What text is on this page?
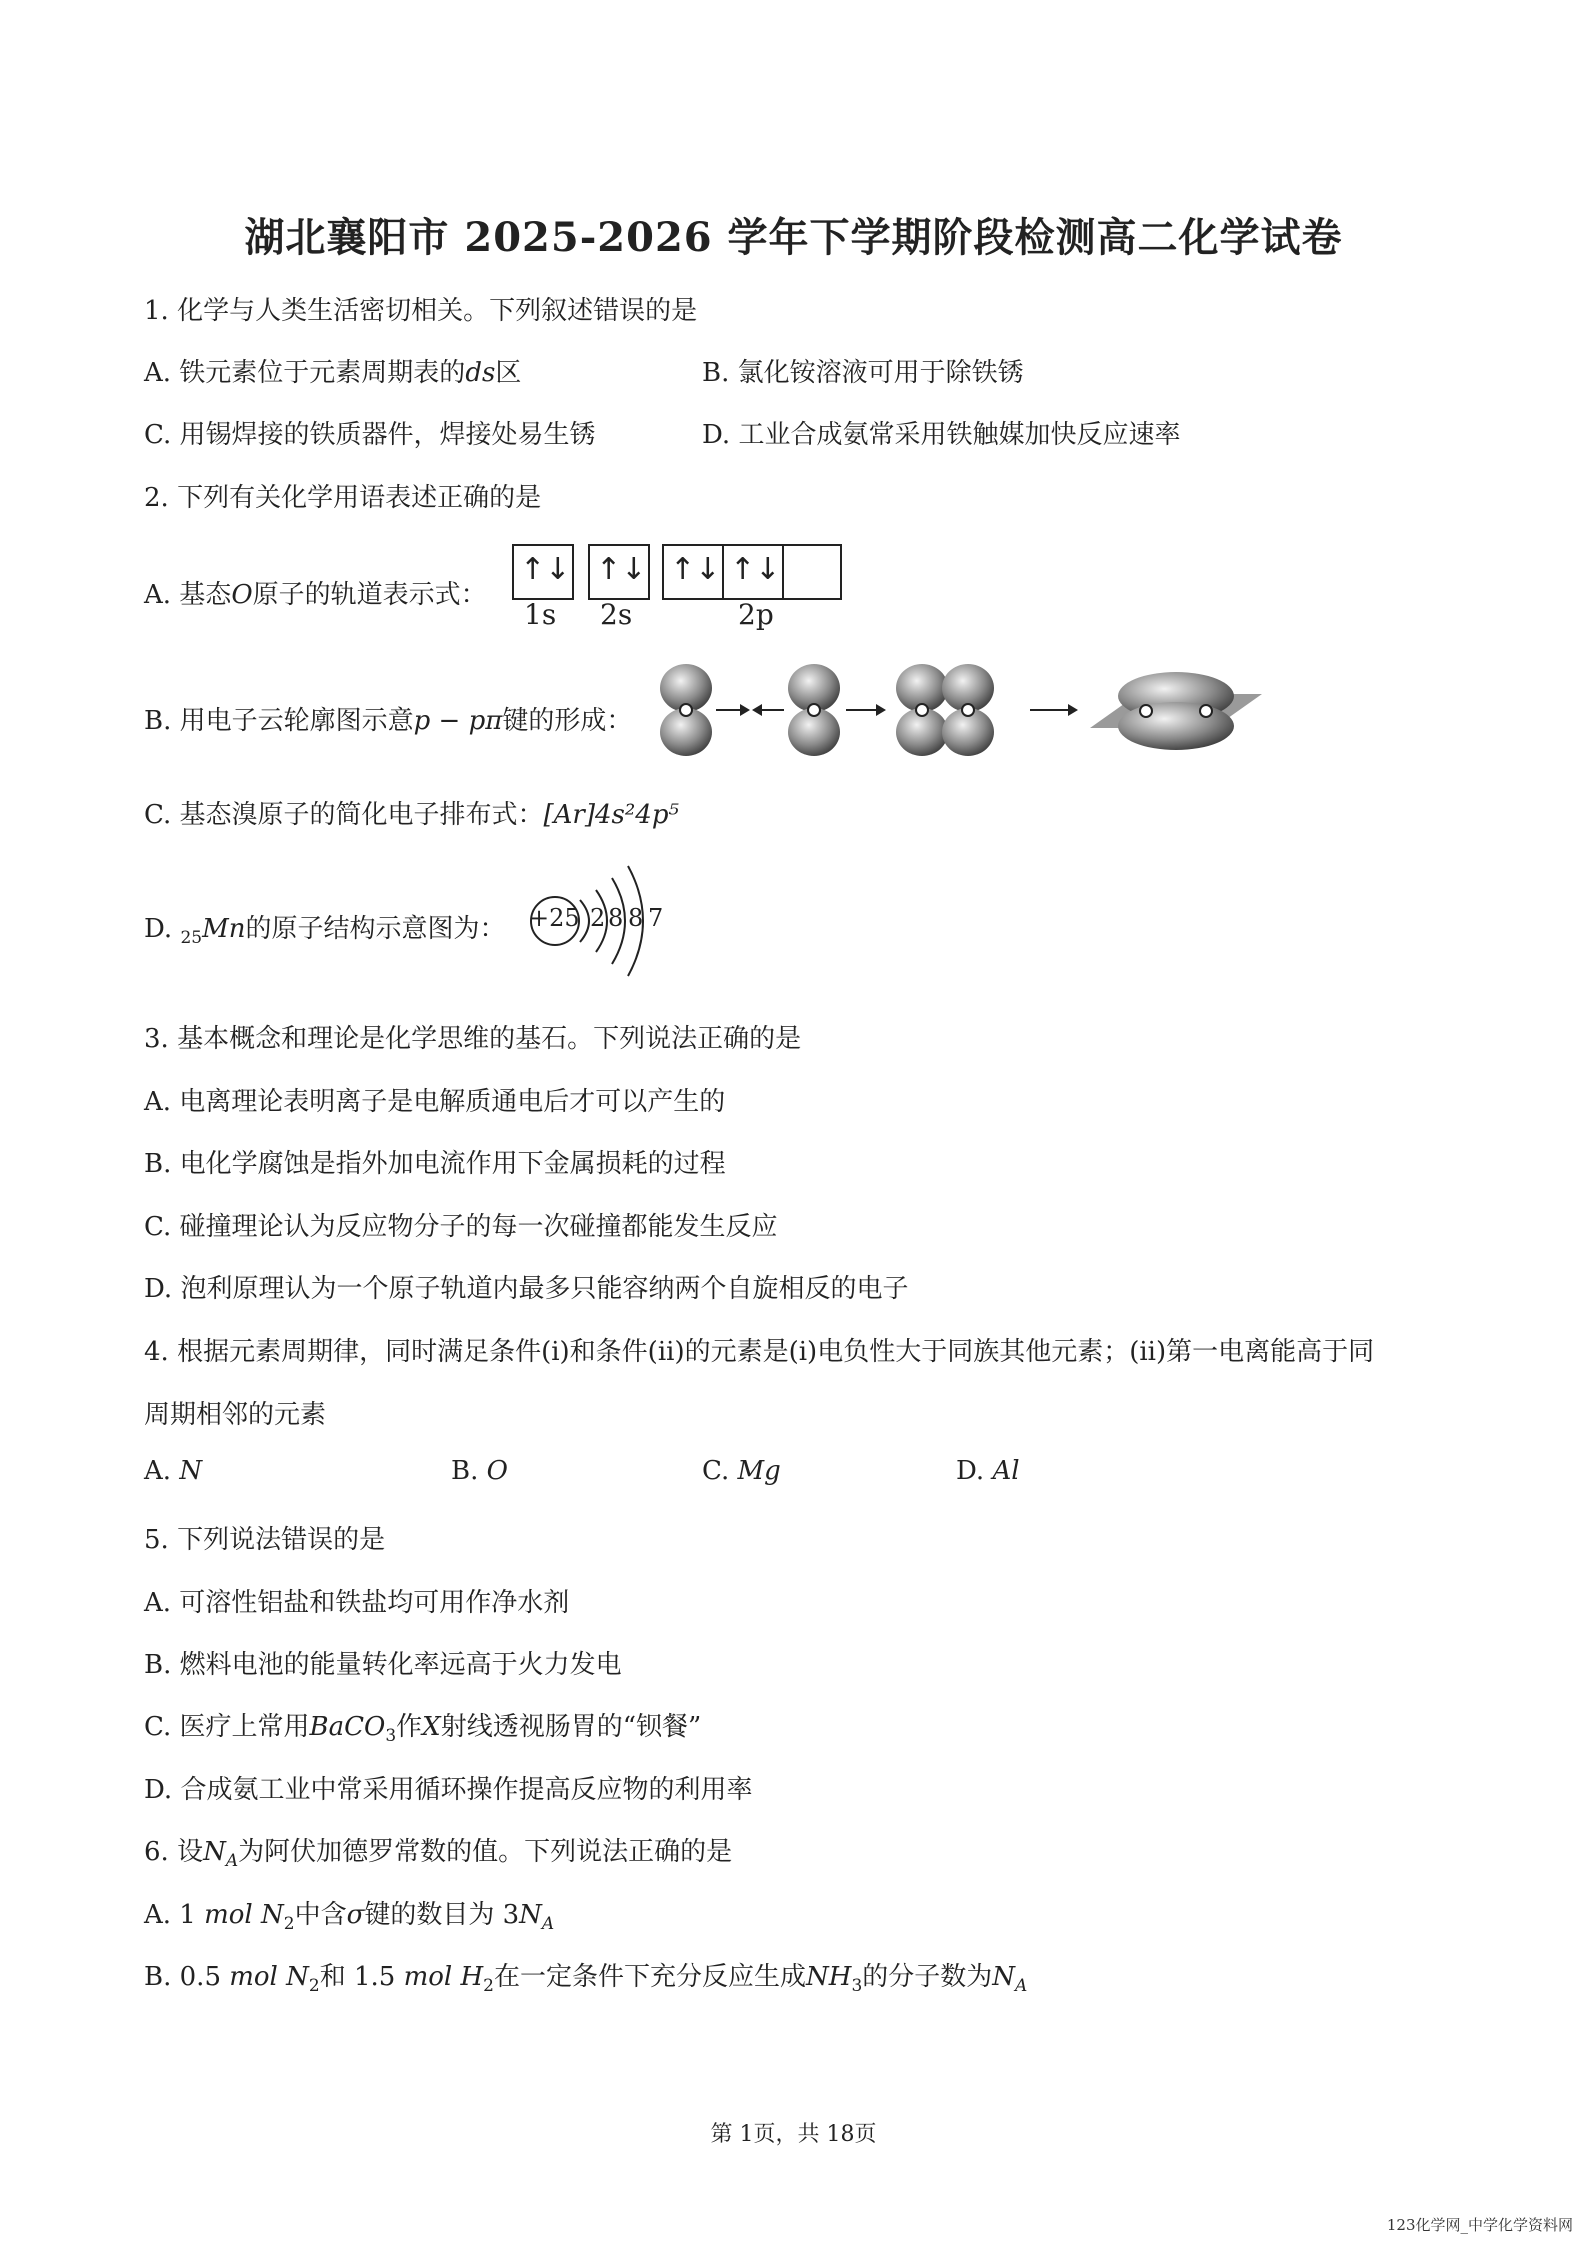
湖北襄阳市 2025-2026 学年下学期阶段检测高二化学试卷
1. 化学与人类生活密切相关。下列叙述错误的是
A. 铁元素位于元素周期表的ds区	B. 氯化铵溶液可用于除铁锈
C. 用锡焊接的铁质器件，焊接处易生锈	D. 工业合成氨常采用铁触媒加快反应速率
2. 下列有关化学用语表述正确的是
A. 基态O原子的轨道表示式：
↑↓ ↑↓ ↑↓ ↑↓
1s 2s	2p
B. 用电子云轮廓图示意p − pπ键的形成：
C. 基态溴原子的简化电子排布式：[Ar]4s²4p⁵
D. $_{25}$Mn的原子结构示意图为： +25 2 8 8 7
3. 基本概念和理论是化学思维的基石。下列说法正确的是
A. 电离理论表明离子是电解质通电后才可以产生的
B. 电化学腐蚀是指外加电流作用下金属损耗的过程
C. 碰撞理论认为反应物分子的每一次碰撞都能发生反应
D. 泡利原理认为一个原子轨道内最多只能容纳两个自旋相反的电子
4. 根据元素周期律，同时满足条件(i)和条件(ii)的元素是(i)电负性大于同族其他元素；(ii)第一电离能高于同
周期相邻的元素
A. N	B. O	C. Mg	D. Al
5. 下列说法错误的是
A. 可溶性铝盐和铁盐均可用作净水剂
B. 燃料电池的能量转化率远高于火力发电
C. 医疗上常用BaCO$_3$作X射线透视肠胃的“钡餐”
D. 合成氨工业中常采用循环操作提高反应物的利用率
6. 设$N_A$为阿伏加德罗常数的值。下列说法正确的是
A. 1 mol $N_2$中含σ键的数目为 $3N_A$
B. 0.5 mol $N_2$和 1.5 mol $H_2$在一定条件下充分反应生成$NH_3$的分子数为$N_A$
第 1页，共 18页
123化学网_中学化学资料网
